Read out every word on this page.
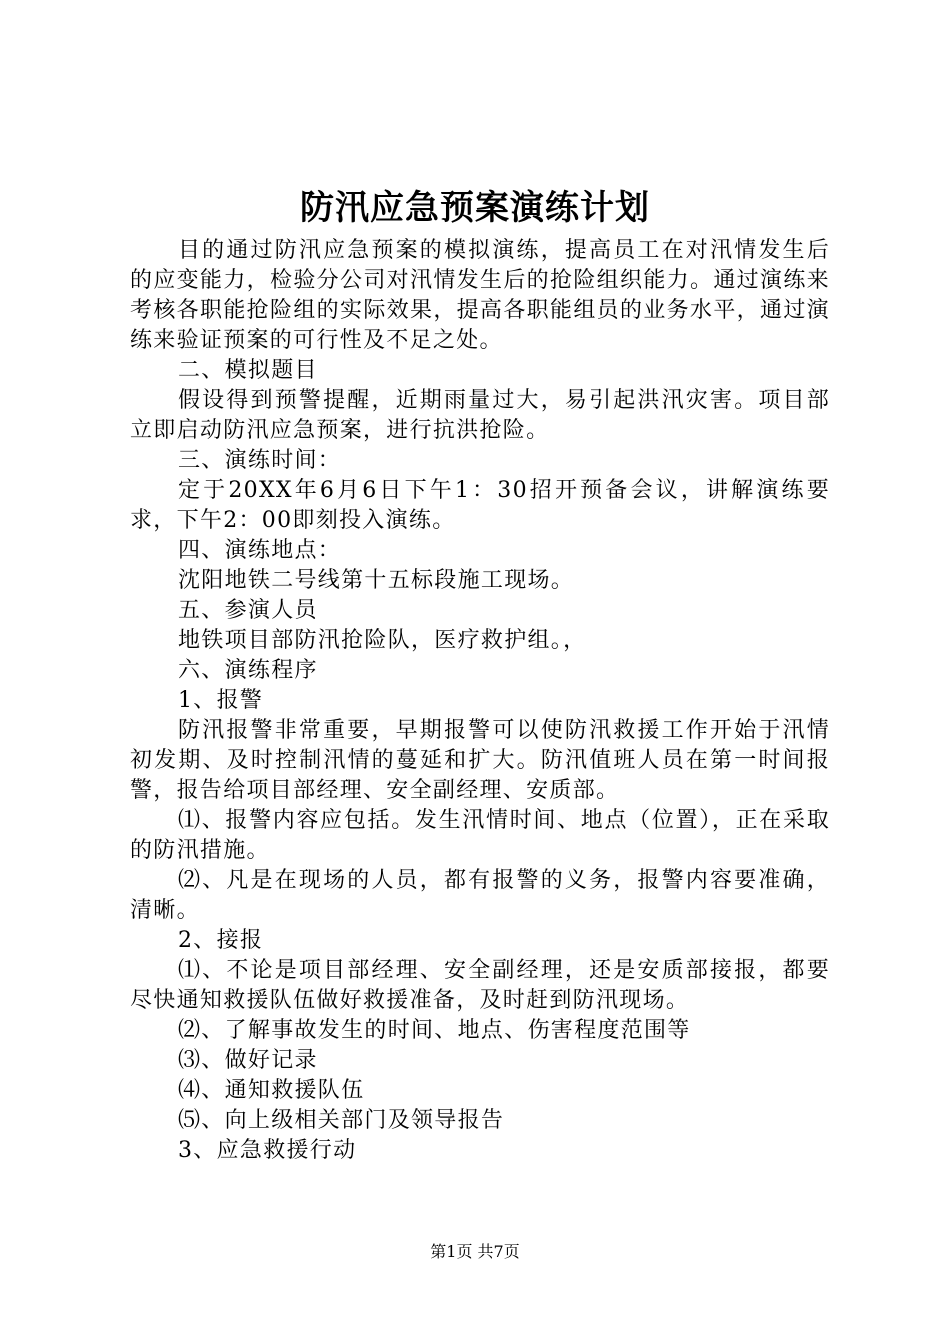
防汛应急预案演练计划

目的通过防汛应急预案的模拟演练，提高员工在对汛情发生后的应变能力，检验分公司对汛情发生后的抢险组织能力。通过演练来考核各职能抢险组的实际效果，提高各职能组员的业务水平，通过演练来验证预案的可行性及不足之处。

二、模拟题目

假设得到预警提醒，近期雨量过大，易引起洪汛灾害。项目部立即启动防汛应急预案，进行抗洪抢险。

三、演练时间：

定于20XX年6月6日下午1：30招开预备会议，讲解演练要求，下午2：00即刻投入演练。

四、演练地点：

沈阳地铁二号线第十五标段施工现场。

五、参演人员

地铁项目部防汛抢险队，医疗救护组。，

六、演练程序

1、报警

防汛报警非常重要，早期报警可以使防汛救援工作开始于汛情初发期、及时控制汛情的蔓延和扩大。防汛值班人员在第一时间报警，报告给项目部经理、安全副经理、安质部。

⑴、报警内容应包括。发生汛情时间、地点（位置），正在采取的防汛措施。

⑵、凡是在现场的人员，都有报警的义务，报警内容要准确，清晰。

2、接报

⑴、不论是项目部经理、安全副经理，还是安质部接报，都要尽快通知救援队伍做好救援准备，及时赶到防汛现场。

⑵、了解事故发生的时间、地点、伤害程度范围等

⑶、做好记录

⑷、通知救援队伍

⑸、向上级相关部门及领导报告

3、应急救援行动

第1页 共7页
